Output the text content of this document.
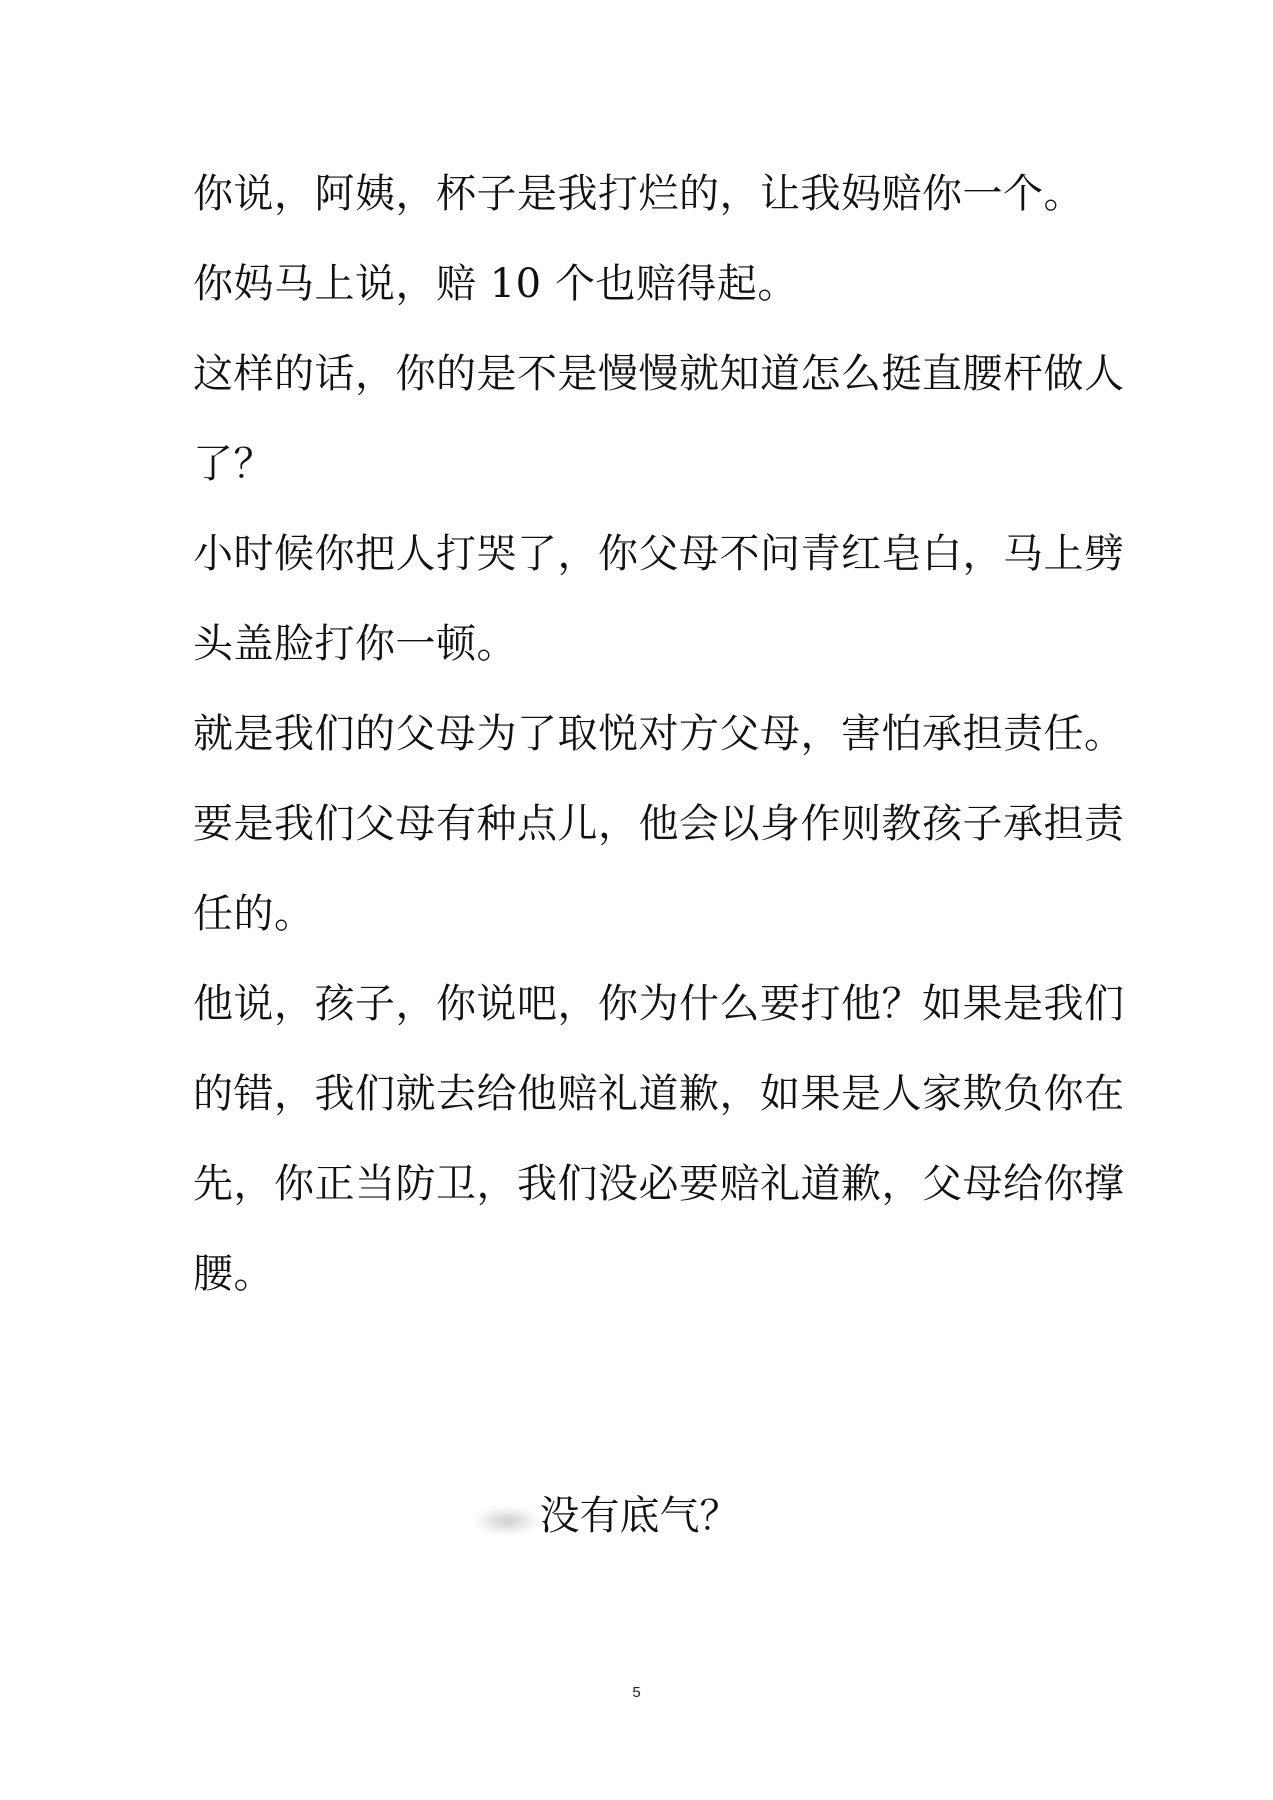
你说，阿姨，杯子是我打烂的，让我妈赔你一个。
你妈马上说，赔 10 个也赔得起。
这样的话，你的是不是慢慢就知道怎么挺直腰杆做人
了？
小时候你把人打哭了，你父母不问青红皂白，马上劈
头盖脸打你一顿。
就是我们的父母为了取悦对方父母，害怕承担责任。
要是我们父母有种点儿，他会以身作则教孩子承担责
任的。
他说，孩子，你说吧，你为什么要打他？如果是我们
的错，我们就去给他赔礼道歉，如果是人家欺负你在
先，你正当防卫，我们没必要赔礼道歉，父母给你撑
腰。
没有底气？
5
